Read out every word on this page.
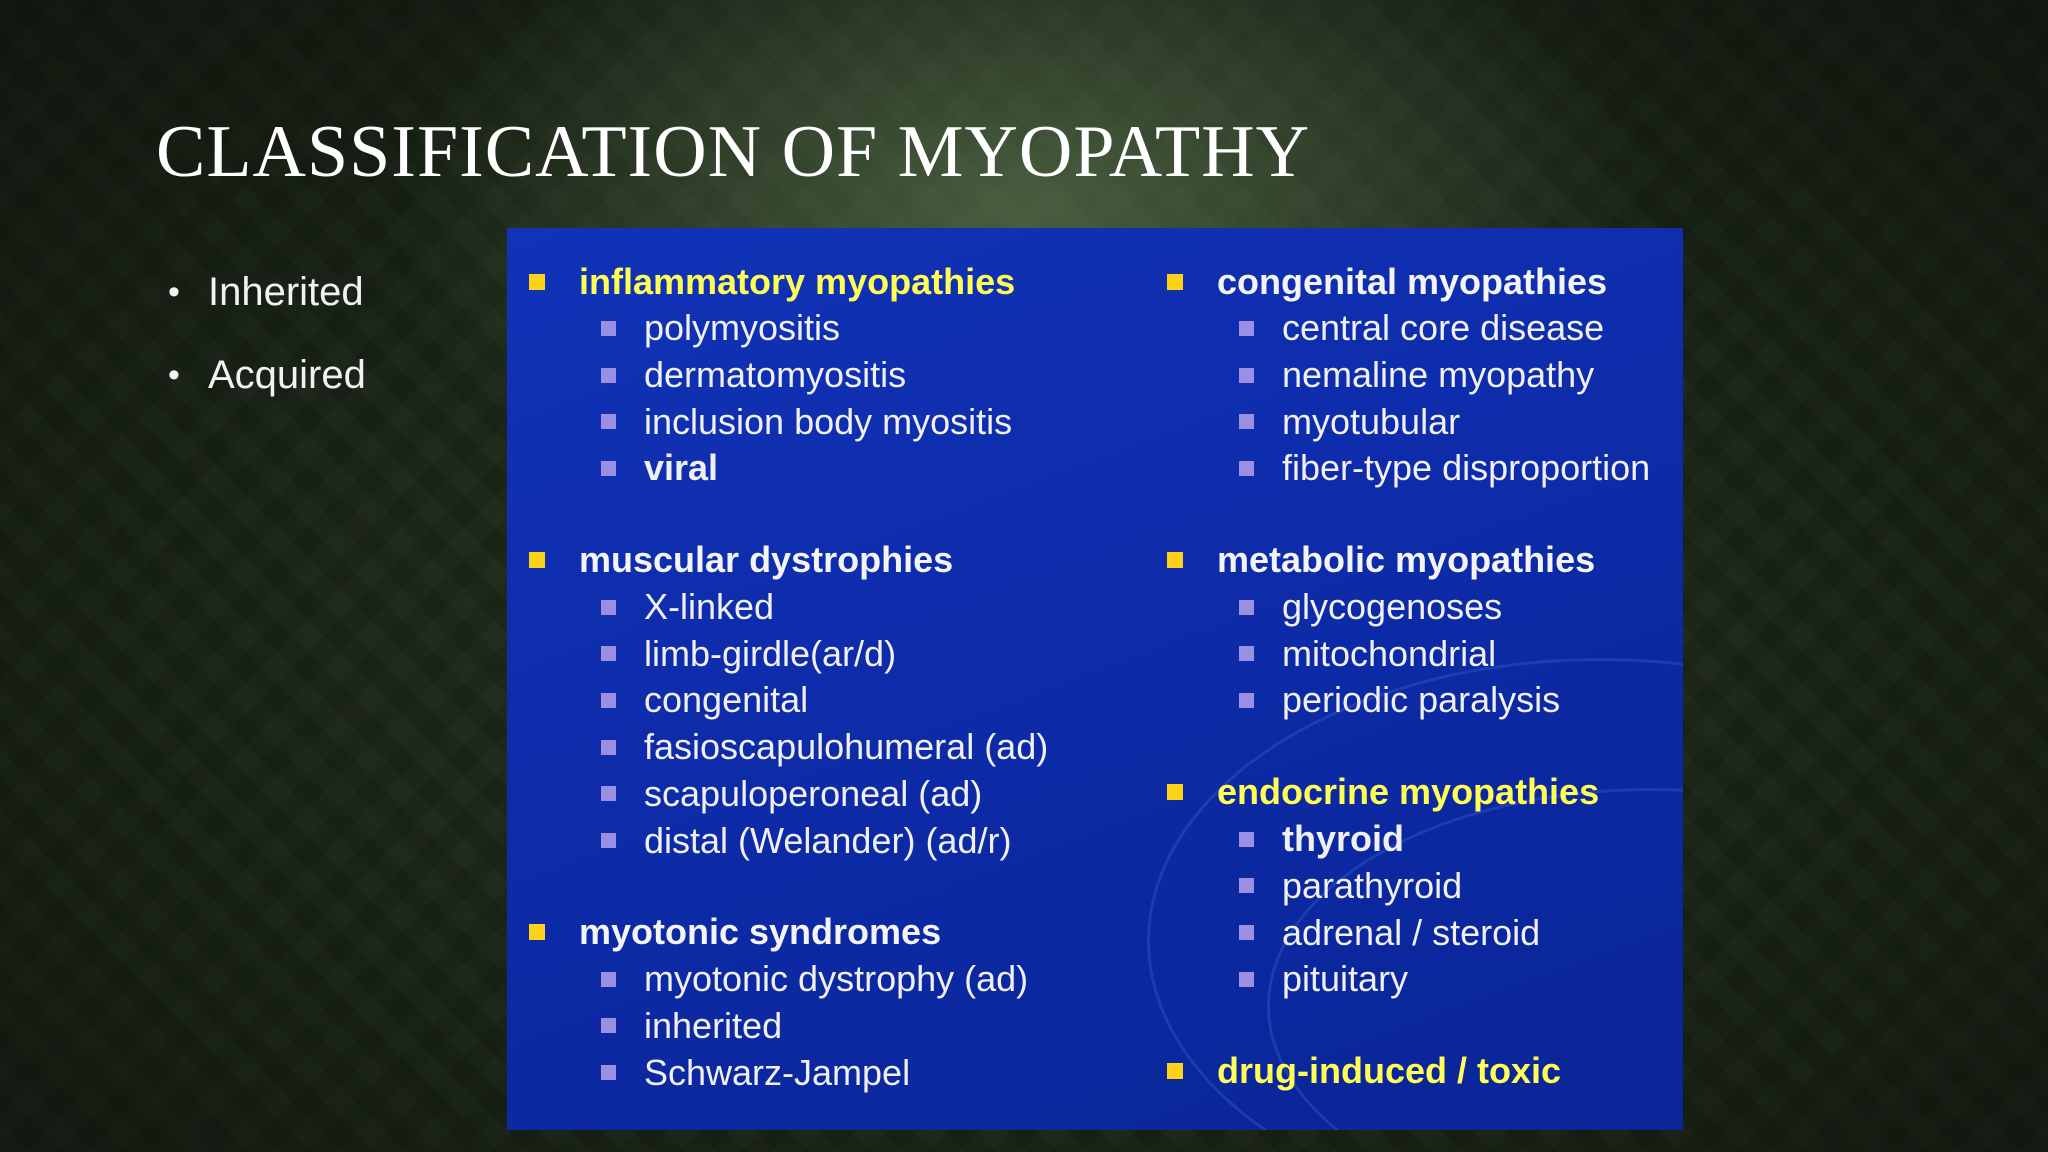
CLASSIFICATION OF MYOPATHY
• Inherited
• Acquired
inflammatory myopathies
polymyositis
dermatomyositis
inclusion body myositis
viral
muscular dystrophies
X-linked
limb-girdle(ar/d)
congenital
fasioscapulohumeral (ad)
scapuloperoneal (ad)
distal (Welander) (ad/r)
myotonic syndromes
myotonic dystrophy (ad)
inherited
Schwarz-Jampel
congenital myopathies
central core disease
nemaline myopathy
myotubular
fiber-type disproportion
metabolic myopathies
glycogenoses
mitochondrial
periodic paralysis
endocrine myopathies
thyroid
parathyroid
adrenal / steroid
pituitary
drug-induced / toxic
